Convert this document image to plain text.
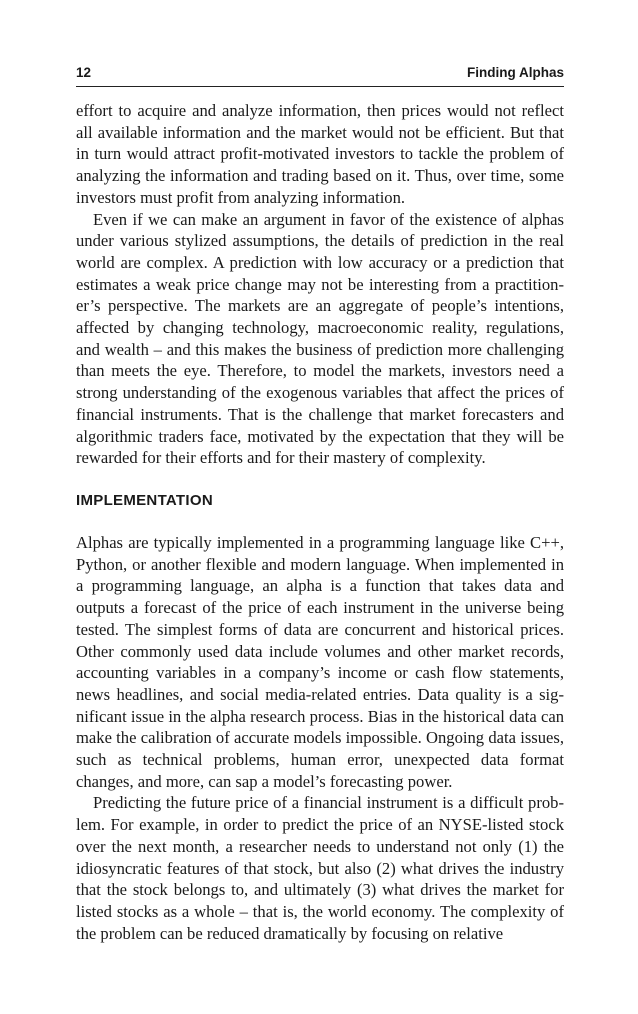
12	Finding Alphas

effort to acquire and analyze information, then prices would not reflect all available information and the market would not be efficient. But that in turn would attract profit-motivated investors to tackle the problem of analyzing the information and trading based on it. Thus, over time, some investors must profit from analyzing information.

Even if we can make an argument in favor of the existence of alphas under various stylized assumptions, the details of prediction in the real world are complex. A prediction with low accuracy or a prediction that estimates a weak price change may not be interesting from a practitioner’s perspective. The markets are an aggregate of people’s intentions, affected by changing technology, macroeconomic reality, regulations, and wealth – and this makes the business of prediction more challenging than meets the eye. Therefore, to model the markets, investors need a strong understanding of the exogenous variables that affect the prices of financial instruments. That is the challenge that market forecasters and algorithmic traders face, motivated by the expectation that they will be rewarded for their efforts and for their mastery of complexity.

IMPLEMENTATION

Alphas are typically implemented in a programming language like C++, Python, or another flexible and modern language. When implemented in a programming language, an alpha is a function that takes data and outputs a forecast of the price of each instrument in the universe being tested. The simplest forms of data are concurrent and historical prices. Other commonly used data include volumes and other market records, accounting variables in a company’s income or cash flow statements, news headlines, and social media-related entries. Data quality is a significant issue in the alpha research process. Bias in the historical data can make the calibration of accurate models impossible. Ongoing data issues, such as technical problems, human error, unexpected data format changes, and more, can sap a model’s forecasting power.

Predicting the future price of a financial instrument is a difficult problem. For example, in order to predict the price of an NYSE-listed stock over the next month, a researcher needs to understand not only (1) the idiosyncratic features of that stock, but also (2) what drives the industry that the stock belongs to, and ultimately (3) what drives the market for listed stocks as a whole – that is, the world economy. The complexity of the problem can be reduced dramatically by focusing on relative
